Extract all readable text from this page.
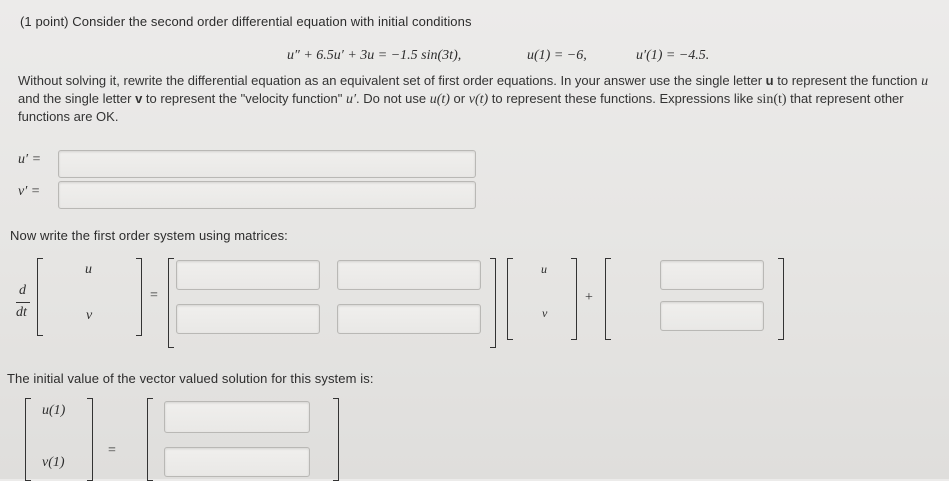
(1 point) Consider the second order differential equation with initial conditions
u″ + 6.5u′ + 3u = −1.5 sin(3t),	u(1) = −6,	u′(1) = −4.5.
Without solving it, rewrite the differential equation as an equivalent set of first order equations. In your answer use the single letter u to represent the function u and the single letter v to represent the "velocity function" u′. Do not use u(t) or v(t) to represent these functions. Expressions like sin(t) that represent other functions are OK.
u′ =
v′ =
Now write the first order system using matrices:
d
dt
u
v
=
u
v
+
The initial value of the vector valued solution for this system is:
u(1)
v(1)
=
